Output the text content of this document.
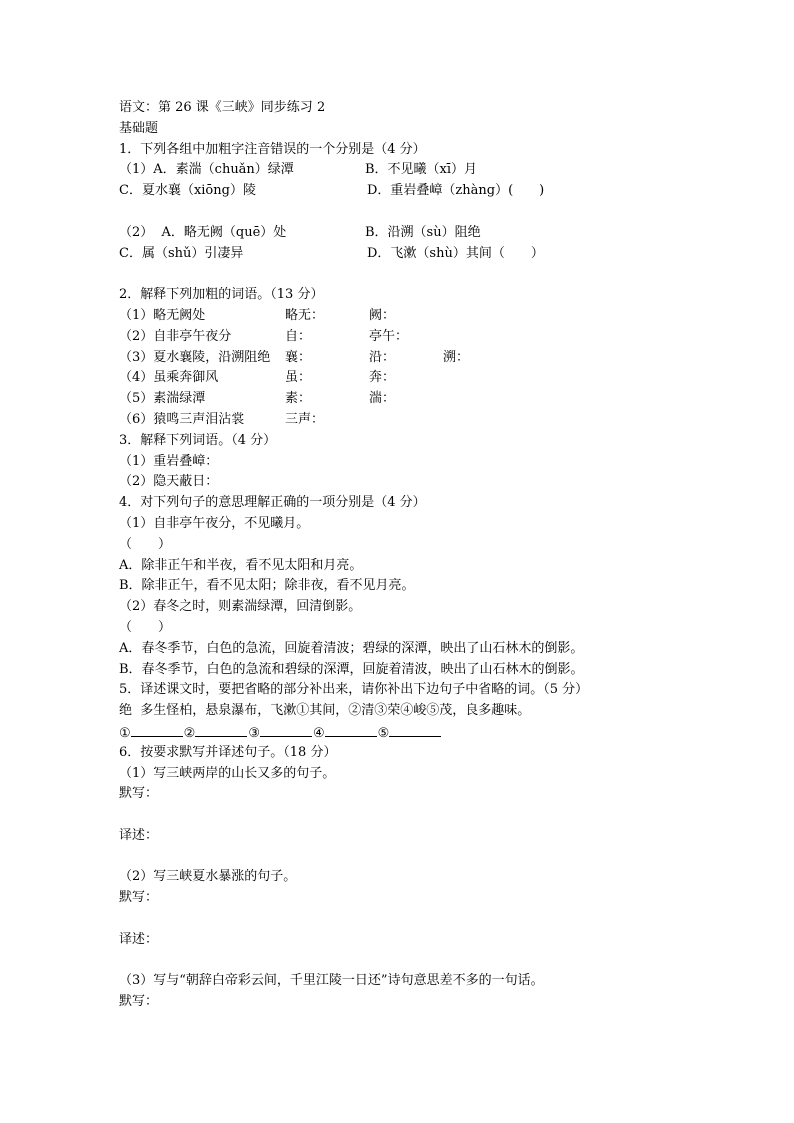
语文：第 26 课《三峡》同步练习 2
基础题
1．下列各组中加粗字注音错误的一个分别是（4 分）
（1）A．素湍（chuǎn）绿潭	B．不见曦（xī）月
C．夏水襄（xiōng）陵	D．重岩叠嶂（zhàng）(　　)
（2）  A．略无阙（quē）处	B．沿溯（sù）阻绝
C．属（shǔ）引凄异	D．飞漱（shù）其间（　　）
2．解释下列加粗的词语。（13 分）
（1）略无阙处	略无：	阙：
（2）自非亭午夜分	自：	亭午：
（3）夏水襄陵，沿溯阻绝	襄：	沿：	溯：
（4）虽乘奔御风	虽：	奔：
（5）素湍绿潭	素：	湍：
（6）猿鸣三声泪沾裳	三声：
3．解释下列词语。（4 分）
（1）重岩叠嶂：
（2）隐天蔽日：
4．对下列句子的意思理解正确的一项分别是（4 分）
（1）自非亭午夜分，不见曦月。
（　　）
A．除非正午和半夜，看不见太阳和月亮。
B．除非正午，看不见太阳；除非夜，看不见月亮。
（2）春冬之时，则素湍绿潭，回清倒影。
（　　）
A．春冬季节，白色的急流，回旋着清波；碧绿的深潭，映出了山石林木的倒影。
B．春冬季节，白色的急流和碧绿的深潭，回旋着清波，映出了山石林木的倒影。
5．译述课文时，要把省略的部分补出来，请你补出下边句子中省略的词。（5 分）
绝  多生怪柏，悬泉瀑布，飞漱①其间，②清③荣④峻⑤茂，良多趣味。
①	②	③	④	⑤
6．按要求默写并译述句子。（18 分）
（1）写三峡两岸的山长又多的句子。
默写：
译述：
（2）写三峡夏水暴涨的句子。
默写：
译述：
（3）写与“朝辞白帝彩云间，千里江陵一日还”诗句意思差不多的一句话。
默写：
